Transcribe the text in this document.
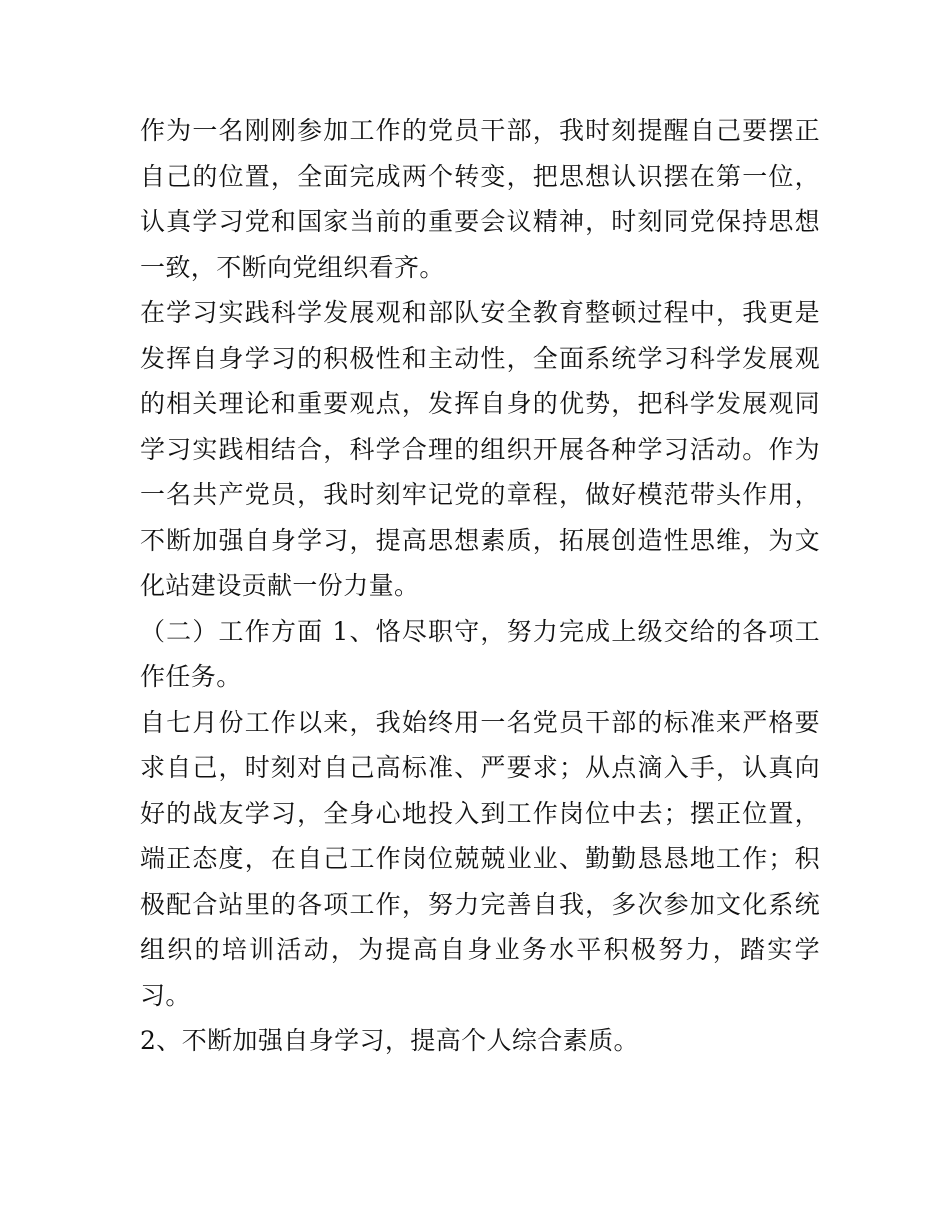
作为一名刚刚参加工作的党员干部，我时刻提醒自己要摆正自己的位置，全面完成两个转变，把思想认识摆在第一位，认真学习党和国家当前的重要会议精神，时刻同党保持思想一致，不断向党组织看齐。

在学习实践科学发展观和部队安全教育整顿过程中，我更是发挥自身学习的积极性和主动性，全面系统学习科学发展观的相关理论和重要观点，发挥自身的优势，把科学发展观同学习实践相结合，科学合理的组织开展各种学习活动。作为一名共产党员，我时刻牢记党的章程，做好模范带头作用，不断加强自身学习，提高思想素质，拓展创造性思维，为文化站建设贡献一份力量。

（二）工作方面 1、恪尽职守，努力完成上级交给的各项工作任务。

自七月份工作以来，我始终用一名党员干部的标准来严格要求自己，时刻对自己高标准、严要求；从点滴入手，认真向好的战友学习，全身心地投入到工作岗位中去；摆正位置，端正态度，在自己工作岗位兢兢业业、勤勤恳恳地工作；积极配合站里的各项工作，努力完善自我，多次参加文化系统组织的培训活动，为提高自身业务水平积极努力，踏实学习。

2、不断加强自身学习，提高个人综合素质。
